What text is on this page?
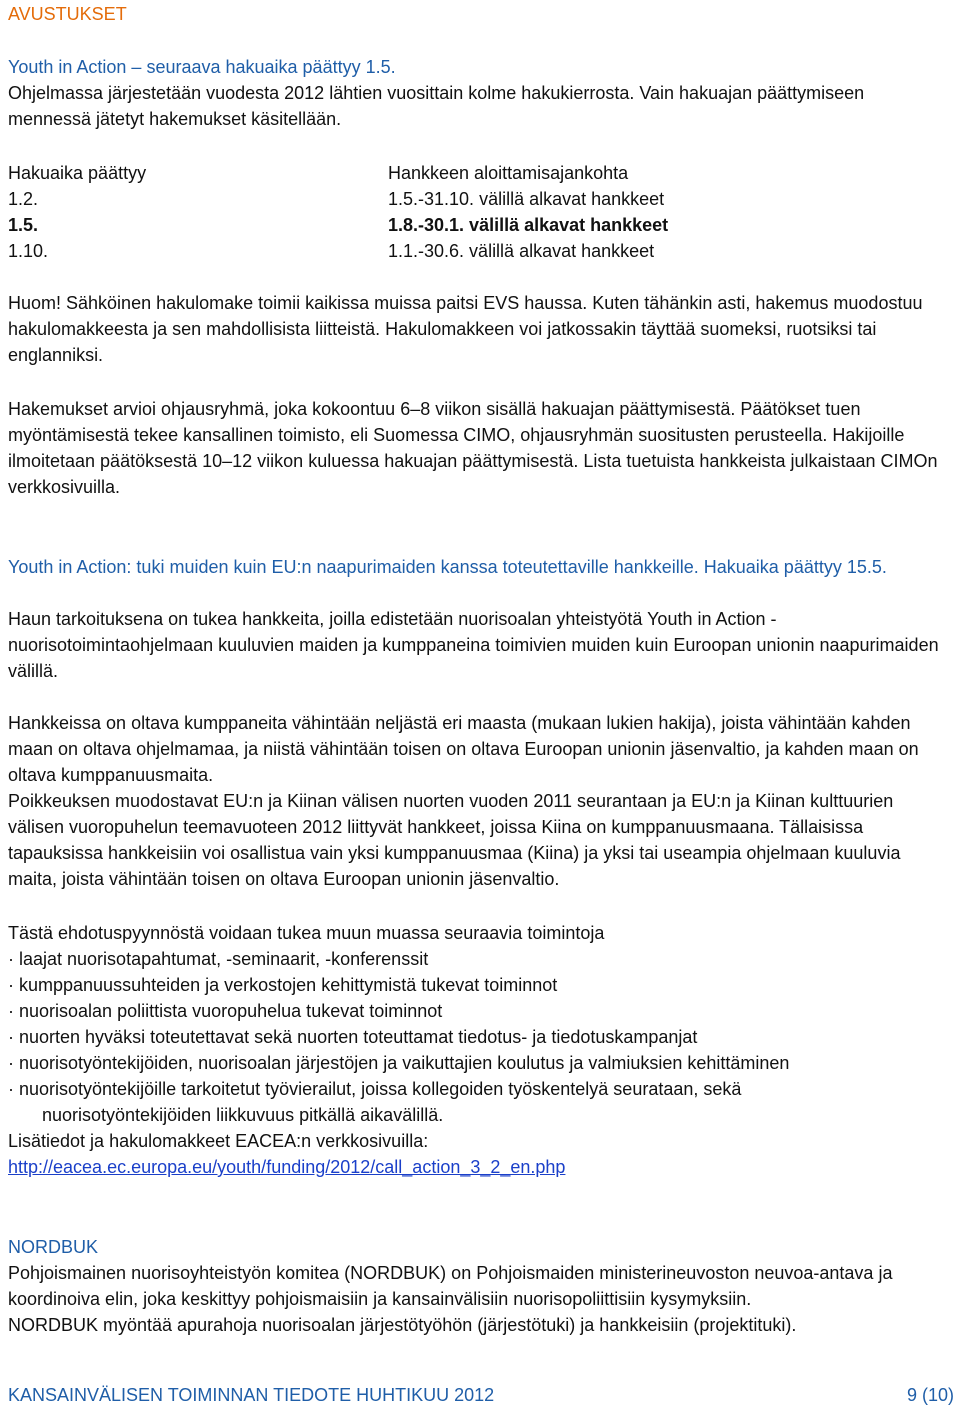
AVUSTUKSET
Youth in Action – seuraava hakuaika päättyy 1.5.
Ohjelmassa järjestetään vuodesta 2012 lähtien vuosittain kolme hakukierrosta. Vain hakuajan päättymiseen mennessä jätetyt hakemukset käsitellään.
Hakuaika päättyy	Hankkeen aloittamisajankohta
1.2.	1.5.-31.10. välillä alkavat hankkeet
1.5.	1.8.-30.1. välillä alkavat hankkeet
1.10.	1.1.-30.6. välillä alkavat hankkeet
Huom! Sähköinen hakulomake toimii kaikissa muissa paitsi EVS haussa. Kuten tähänkin asti, hakemus muodostuu hakulomakkeesta ja sen mahdollisista liitteistä. Hakulomakkeen voi jatkossakin täyttää suomeksi, ruotsiksi tai englanniksi.
Hakemukset arvioi ohjausryhmä, joka kokoontuu 6–8 viikon sisällä hakuajan päättymisestä. Päätökset tuen myöntämisestä tekee kansallinen toimisto, eli Suomessa CIMO, ohjausryhmän suositusten perusteella. Hakijoille ilmoitetaan päätöksestä 10–12 viikon kuluessa hakuajan päättymisestä. Lista tuetuista hankkeista julkaistaan CIMOn verkkosivuilla.
Youth in Action: tuki muiden kuin EU:n naapurimaiden kanssa toteutettaville hankkeille. Hakuaika päättyy 15.5.
Haun tarkoituksena on tukea hankkeita, joilla edistetään nuorisoalan yhteistyötä Youth in Action -nuorisotoimintaohjelmaan kuuluvien maiden ja kumppaneina toimivien muiden kuin Euroopan unionin naapurimaiden välillä.
Hankkeissa on oltava kumppaneita vähintään neljästä eri maasta (mukaan lukien hakija), joista vähintään kahden maan on oltava ohjelmamaa, ja niistä vähintään toisen on oltava Euroopan unionin jäsenvaltio, ja kahden maan on oltava kumppanuusmaita.
Poikkeuksen muodostavat EU:n ja Kiinan välisen nuorten vuoden 2011 seurantaan ja EU:n ja Kiinan kulttuurien välisen vuoropuhelun teemavuoteen 2012 liittyvät hankkeet, joissa Kiina on kumppanuusmaana. Tällaisissa tapauksissa hankkeisiin voi osallistua vain yksi kumppanuusmaa (Kiina) ja yksi tai useampia ohjelmaan kuuluvia maita, joista vähintään toisen on oltava Euroopan unionin jäsenvaltio.
Tästä ehdotuspyynnöstä voidaan tukea muun muassa seuraavia toimintoja
· laajat nuorisotapahtumat, -seminaarit, -konferenssit
· kumppanuussuhteiden ja verkostojen kehittymistä tukevat toiminnot
· nuorisoalan poliittista vuoropuhelua tukevat toiminnot
· nuorten hyväksi toteutettavat sekä nuorten toteuttamat tiedotus- ja tiedotuskampanjat
· nuorisotyöntekijöiden, nuorisoalan järjestöjen ja vaikuttajien koulutus ja valmiuksien kehittäminen
· nuorisotyöntekijöille tarkoitetut työvierailut, joissa kollegoiden työskentelyä seurataan, sekä
nuorisotyöntekijöiden liikkuvuus pitkällä aikavälillä.
Lisätiedot ja hakulomakkeet EACEA:n verkkosivuilla:
http://eacea.ec.europa.eu/youth/funding/2012/call_action_3_2_en.php
NORDBUK
Pohjoismainen nuorisoyhteistyön komitea (NORDBUK) on Pohjoismaiden ministerineuvoston neuvoa-antava ja koordinoiva elin, joka keskittyy pohjoismaisiin ja kansainvälisiin nuorisopoliittisiin kysymyksiin.
NORDBUK myöntää apurahoja nuorisoalan järjestötyöhön (järjestötuki) ja hankkeisiin (projektituki).
KANSAINVÄLISEN TOIMINNAN TIEDOTE HUHTIKUU 2012	9 (10)
